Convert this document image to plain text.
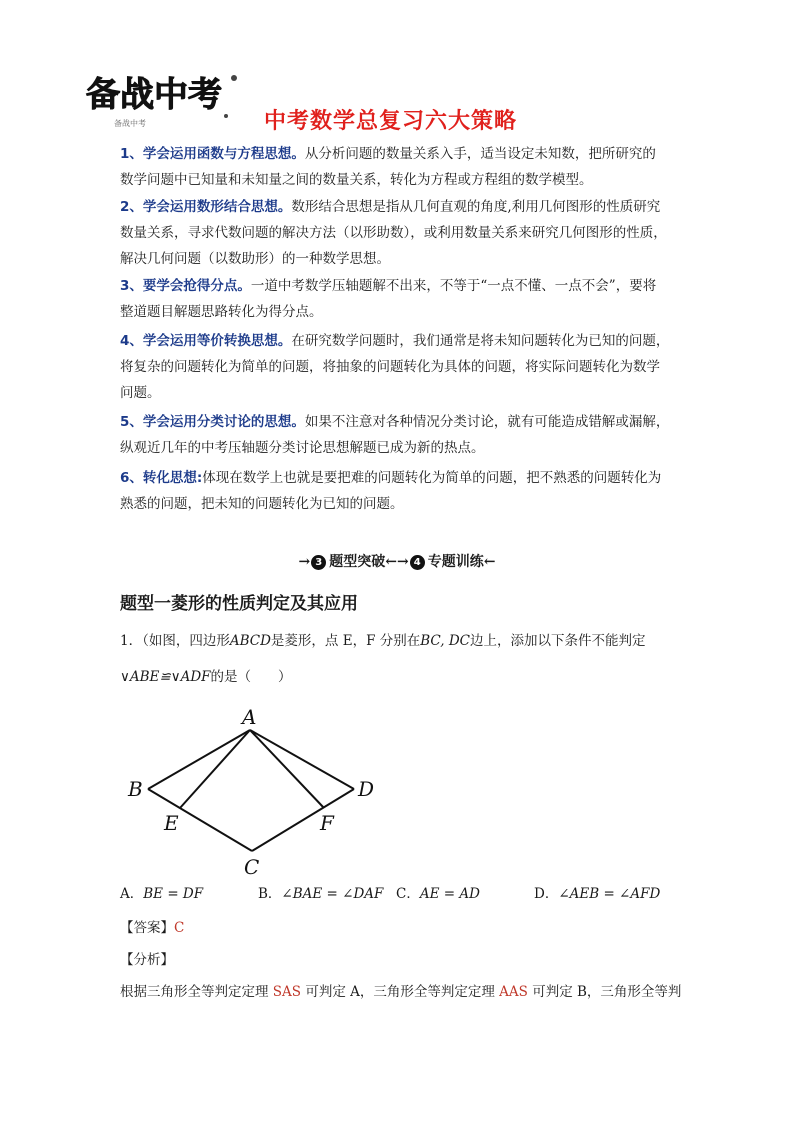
备战中考
备战中考	中考数学总复习六大策略
1、学会运用函数与方程思想。从分析问题的数量关系入手，适当设定未知数，把所研究的
数学问题中已知量和未知量之间的数量关系，转化为方程或方程组的数学模型。
2、学会运用数形结合思想。数形结合思想是指从几何直观的角度,利用几何图形的性质研究
数量关系，寻求代数问题的解决方法（以形助数），或利用数量关系来研究几何图形的性质，
解决几何问题（以数助形）的一种数学思想。
3、要学会抢得分点。一道中考数学压轴题解不出来，不等于“一点不懂、一点不会”，要将
整道题目解题思路转化为得分点。
4、学会运用等价转换思想。在研究数学问题时，我们通常是将未知问题转化为已知的问题，
将复杂的问题转化为简单的问题，将抽象的问题转化为具体的问题，将实际问题转化为数学
问题。
5、学会运用分类讨论的思想。如果不注意对各种情况分类讨论，就有可能造成错解或漏解，
纵观近几年的中考压轴题分类讨论思想解题已成为新的热点。
6、转化思想:体现在数学上也就是要把难的问题转化为简单的问题，把不熟悉的问题转化为
熟悉的问题，把未知的问题转化为已知的问题。
→ 3 题型突破←→ 4 专题训练←
题型一菱形的性质判定及其应用
1．（如图，四边形ABCD是菱形，点 E，F 分别在BC, DC边上，添加以下条件不能判定
∨ABE≌∨ADF的是（　　）
A
B
C
D
E	F
A．BE = DF	B．∠BAE = ∠DAF C．AE = AD	D．∠AEB = ∠AFD
【答案】C
【分析】
根据三角形全等判定定理 SAS 可判定 A，三角形全等判定定理 AAS 可判定 B，三角形全等判
